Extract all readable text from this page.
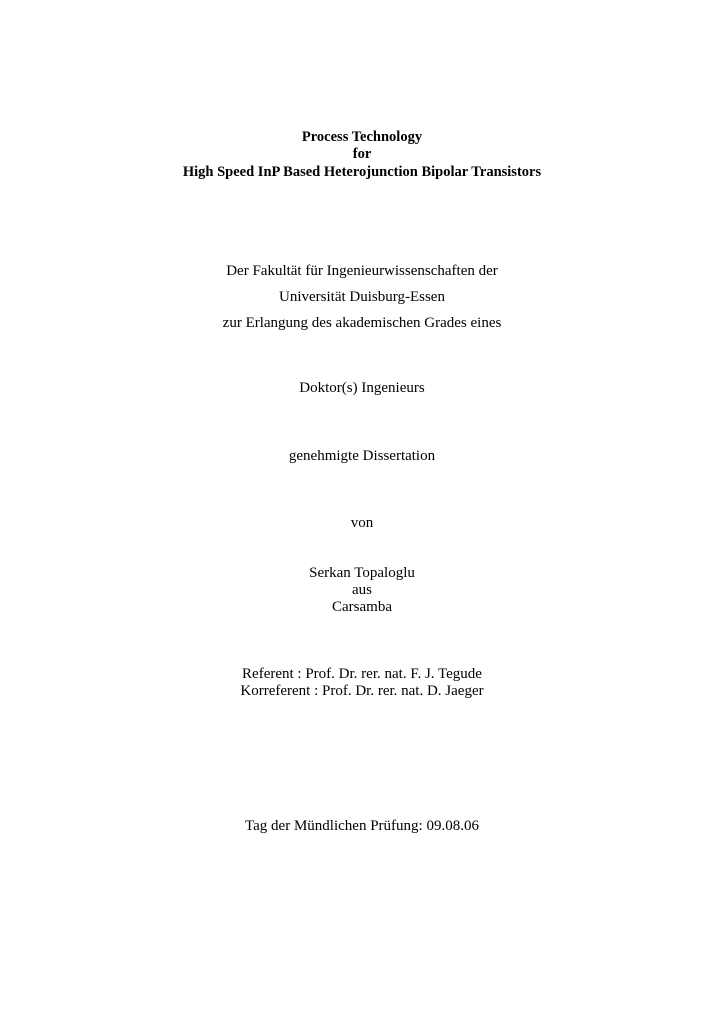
Process Technology
for
High Speed InP Based Heterojunction Bipolar Transistors
Der Fakultät für Ingenieurwissenschaften der
Universität Duisburg-Essen
zur Erlangung des akademischen Grades eines
Doktor(s) Ingenieurs
genehmigte Dissertation
von
Serkan Topaloglu
aus
Carsamba
Referent : Prof. Dr. rer. nat. F. J. Tegude
Korreferent : Prof. Dr. rer. nat. D. Jaeger
Tag der Mündlichen Prüfung: 09.08.06
